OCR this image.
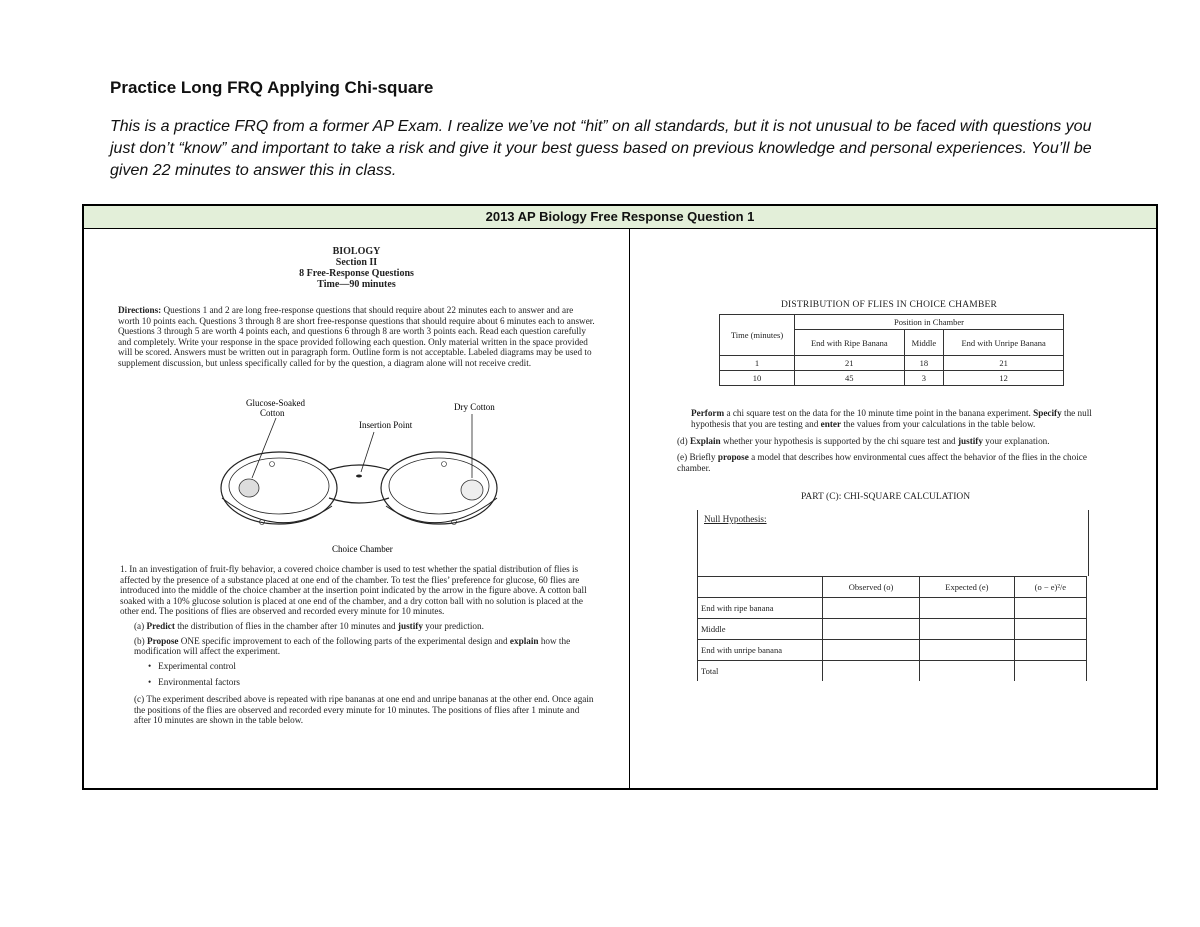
Practice Long FRQ Applying Chi-square
This is a practice FRQ from a former AP Exam. I realize we’ve not “hit” on all standards, but it is not unusual to be faced with questions you just don’t “know” and important to take a risk and give it your best guess based on previous knowledge and personal experiences. You’ll be given 22 minutes to answer this in class.
2013 AP Biology Free Response Question 1
BIOLOGY
Section II
8 Free-Response Questions
Time—90 minutes
Directions: Questions 1 and 2 are long free-response questions that should require about 22 minutes each to answer and are worth 10 points each. Questions 3 through 8 are short free-response questions that should require about 6 minutes each to answer. Questions 3 through 5 are worth 4 points each, and questions 6 through 8 are worth 3 points each. Read each question carefully and completely. Write your response in the space provided following each question. Only material written in the space provided will be scored. Answers must be written out in paragraph form. Outline form is not acceptable. Labeled diagrams may be used to supplement discussion, but unless specifically called for by the question, a diagram alone will not receive credit.
Glucose-Soaked
Cotton
Insertion Point
Dry Cotton
Choice Chamber

1. In an investigation of fruit-fly behavior, a covered choice chamber is used to test whether the spatial distribution of flies is affected by the presence of a substance placed at one end of the chamber. To test the flies’ preference for glucose, 60 flies are introduced into the middle of the choice chamber at the insertion point indicated by the arrow in the figure above. A cotton ball soaked with a 10% glucose solution is placed at one end of the chamber, and a dry cotton ball with no solution is placed at the other end. The positions of flies are observed and recorded every minute for 10 minutes.

(a) Predict the distribution of flies in the chamber after 10 minutes and justify your prediction.

(b) Propose ONE specific improvement to each of the following parts of the experimental design and explain how the modification will affect the experiment.

•   Experimental control
•   Environmental factors

(c) The experiment described above is repeated with ripe bananas at one end and unripe bananas at the other end. Once again the positions of the flies are observed and recorded every minute for 10 minutes. The positions of flies after 1 minute and after 10 minutes are shown in the table below.

DISTRIBUTION OF FLIES IN CHOICE CHAMBER
Time (minutes)	Position in Chamber		
	End with Ripe Banana	Middle	End with Unripe Banana
1	21	18	21
10	45	3	12
Perform a chi square test on the data for the 10 minute time point in the banana experiment. Specify the null hypothesis that you are testing and enter the values from your calculations in the table below.
(d) Explain whether your hypothesis is supported by the chi square test and justify your explanation.
(e) Briefly propose a model that describes how environmental cues affect the behavior of the flies in the choice chamber.
PART (C): CHI-SQUARE CALCULATION
Null Hypothesis:
	Observed (o)	Expected (e)	(o − e)²/e
End with ripe banana			
Middle			
End with unripe banana			
Total			
